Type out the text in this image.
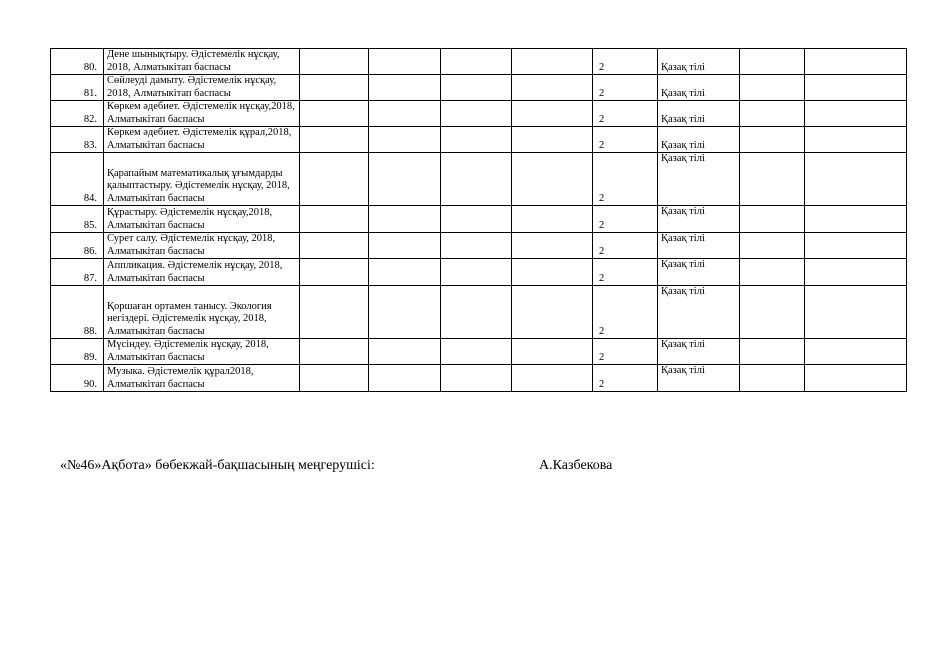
80.	Дене шынықтыру. Әдістемелік нұсқау, 2018, Алматыкітап баспасы					2	Қазақ тілі		
81.	Сөйлеуді дамыту. Әдістемелік нұсқау, 2018, Алматыкітап баспасы					2	Қазақ тілі		
82.	Көркем әдебиет. Әдістемелік нұсқау,2018, Алматыкітап баспасы					2	Қазақ тілі		
83.	Көркем әдебиет. Әдістемелік құрал,2018, Алматыкітап баспасы					2	Қазақ тілі		
84.	Қарапайым математикалық ұғымдарды қалыптастыру. Әдістемелік нұсқау, 2018, Алматыкітап баспасы					2	Қазақ тілі		
85.	Құрастыру. Әдістемелік нұсқау,2018, Алматыкітап баспасы					2	Қазақ тілі		
86.	Сурет салу. Әдістемелік нұсқау, 2018, Алматыкітап баспасы					2	Қазақ тілі		
87.	Аппликация. Әдістемелік нұсқау, 2018, Алматыкітап баспасы					2	Қазақ тілі		
88.	Қоршаған ортамен танысу. Экология негіздері. Әдістемелік нұсқау, 2018, Алматыкітап баспасы					2	Қазақ тілі		
89.	Мүсіндеу. Әдістемелік нұсқау, 2018, Алматыкітап баспасы					2	Қазақ тілі		
90.	Музыка. Әдістемелік құрал2018, Алматыкітап баспасы					2	Қазақ тілі		
«№46»Ақбота» бөбекжай-бақшасының меңгерушісі:	А.Казбекова
